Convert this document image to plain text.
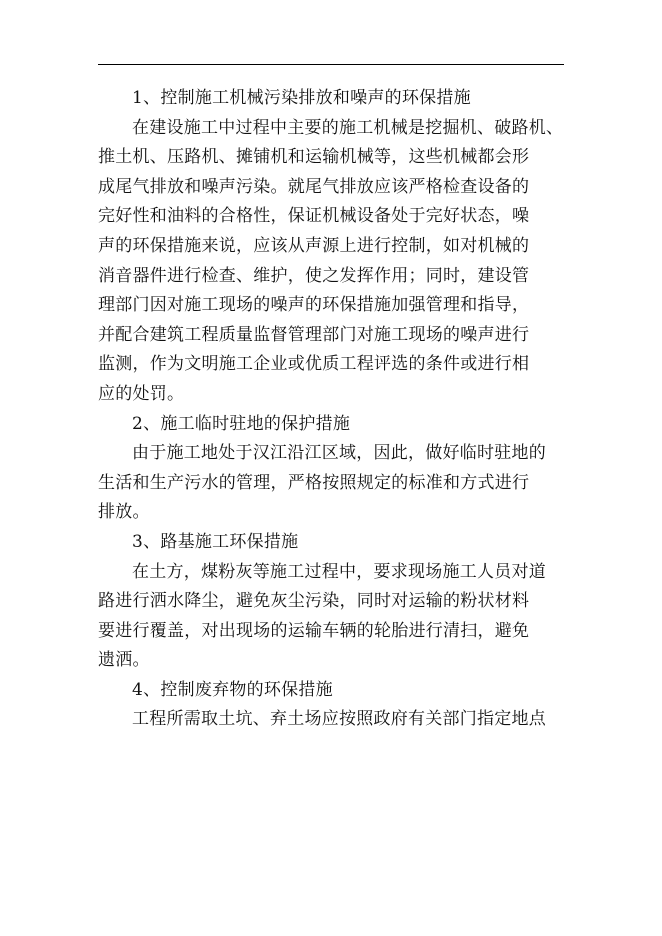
1、控制施工机械污染排放和噪声的环保措施
在建设施工中过程中主要的施工机械是挖掘机、破路机、
推土机、压路机、摊铺机和运输机械等，这些机械都会形
成尾气排放和噪声污染。就尾气排放应该严格检查设备的
完好性和油料的合格性，保证机械设备处于完好状态，噪
声的环保措施来说，应该从声源上进行控制，如对机械的
消音器件进行检查、维护，使之发挥作用；同时，建设管
理部门因对施工现场的噪声的环保措施加强管理和指导，
并配合建筑工程质量监督管理部门对施工现场的噪声进行
监测，作为文明施工企业或优质工程评选的条件或进行相
应的处罚。
2、施工临时驻地的保护措施
由于施工地处于汉江沿江区域，因此，做好临时驻地的
生活和生产污水的管理，严格按照规定的标准和方式进行
排放。
3、路基施工环保措施
在土方，煤粉灰等施工过程中，要求现场施工人员对道
路进行洒水降尘，避免灰尘污染，同时对运输的粉状材料
要进行覆盖，对出现场的运输车辆的轮胎进行清扫，避免
遗洒。
4、控制废弃物的环保措施
工程所需取土坑、弃土场应按照政府有关部门指定地点
